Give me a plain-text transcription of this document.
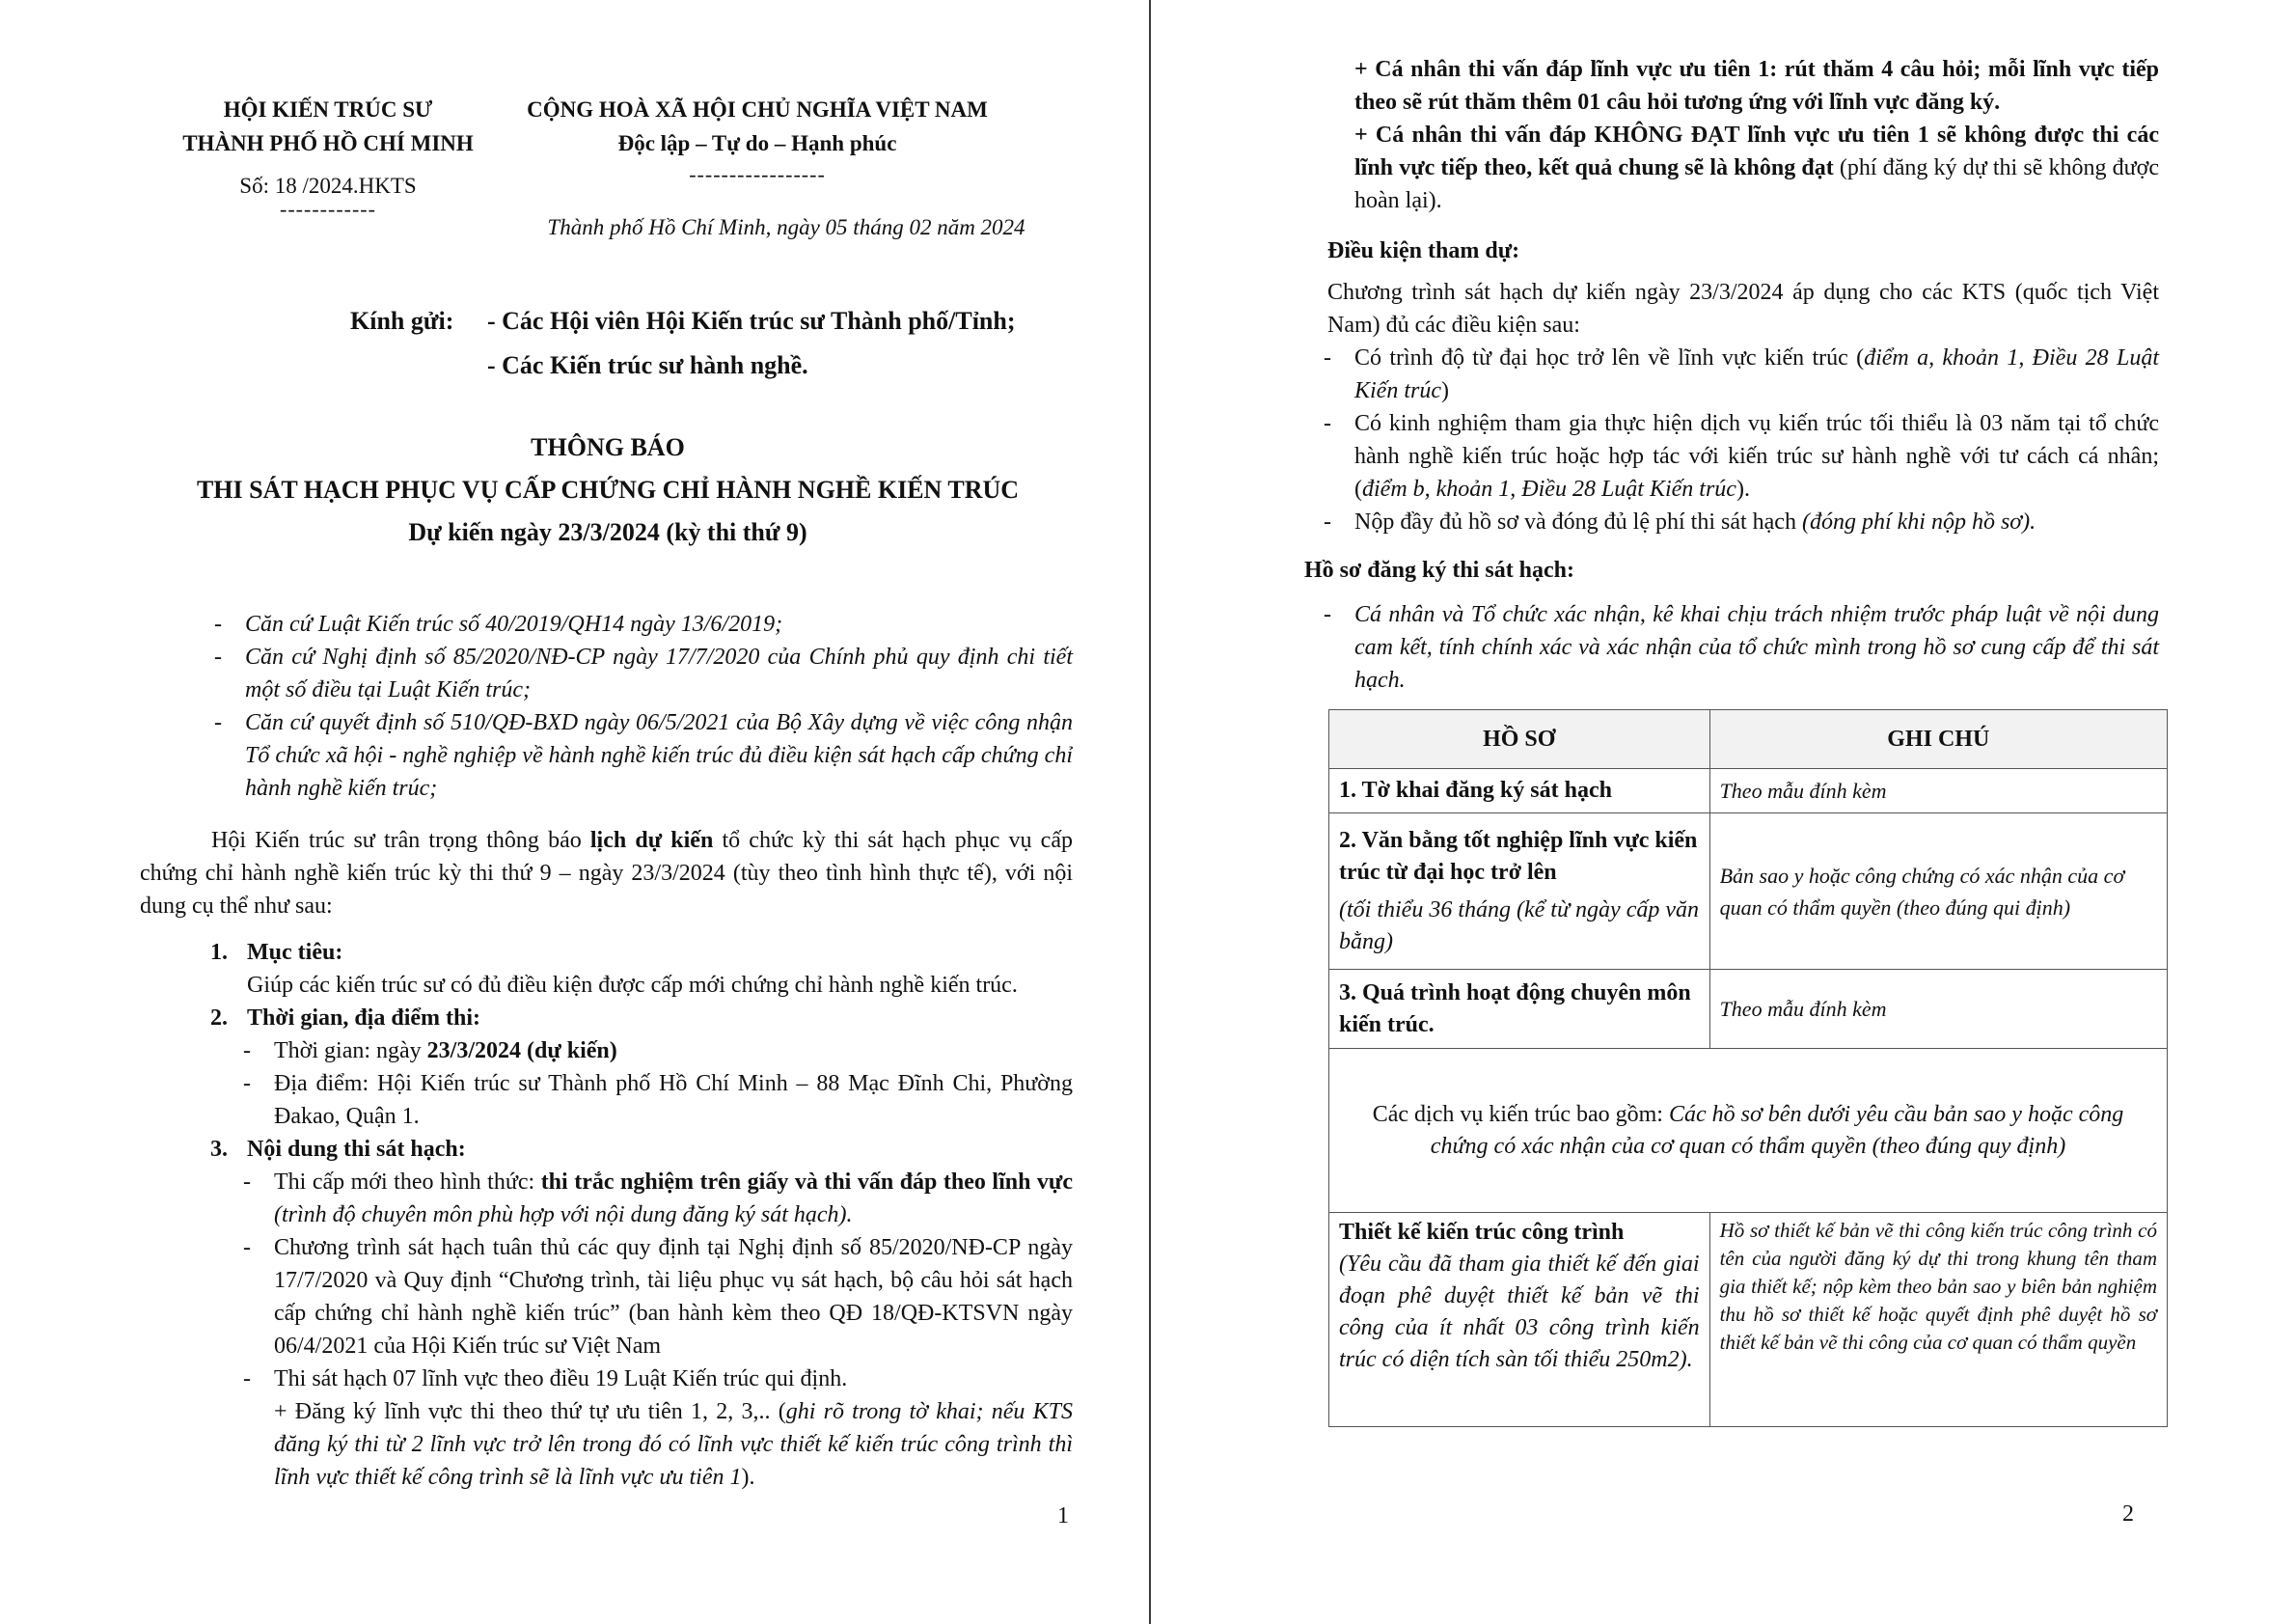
HỘI KIẾN TRÚC SƯ
THÀNH PHỐ HỒ CHÍ MINH
Số: 18 /2024.HKTS
------------
CỘNG HOÀ XÃ HỘI CHỦ NGHĨA VIỆT NAM
Độc lập – Tự do – Hạnh phúc
-----------------
Thành phố Hồ Chí Minh, ngày 05 tháng 02 năm 2024
Kính gửi: - Các Hội viên Hội Kiến trúc sư Thành phố/Tỉnh;
- Các Kiến trúc sư hành nghề.
THÔNG BÁO
THI SÁT HẠCH PHỤC VỤ CẤP CHỨNG CHỈ HÀNH NGHỀ KIẾN TRÚC
Dự kiến ngày 23/3/2024 (kỳ thi thứ 9)
-	Căn cứ Luật Kiến trúc số 40/2019/QH14 ngày 13/6/2019;
-	Căn cứ Nghị định số 85/2020/NĐ-CP ngày 17/7/2020 của Chính phủ quy định chi tiết một số điều tại Luật Kiến trúc;
-	Căn cứ quyết định số 510/QĐ-BXD ngày 06/5/2021 của Bộ Xây dựng về việc công nhận Tổ chức xã hội - nghề nghiệp về hành nghề kiến trúc đủ điều kiện sát hạch cấp chứng chỉ hành nghề kiến trúc;
Hội Kiến trúc sư trân trọng thông báo lịch dự kiến tổ chức kỳ thi sát hạch phục vụ cấp chứng chỉ hành nghề kiến trúc kỳ thi thứ 9 – ngày 23/3/2024 (tùy theo tình hình thực tế), với nội dung cụ thể như sau:
1. Mục tiêu:
Giúp các kiến trúc sư có đủ điều kiện được cấp mới chứng chỉ hành nghề kiến trúc.
2. Thời gian, địa điểm thi:
-	Thời gian: ngày 23/3/2024 (dự kiến)
-	Địa điểm: Hội Kiến trúc sư Thành phố Hồ Chí Minh – 88 Mạc Đĩnh Chi, Phường Đakao, Quận 1.
3. Nội dung thi sát hạch:
-	Thi cấp mới theo hình thức: thi trắc nghiệm trên giấy và thi vấn đáp theo lĩnh vực (trình độ chuyên môn phù hợp với nội dung đăng ký sát hạch).
-	Chương trình sát hạch tuân thủ các quy định tại Nghị định số 85/2020/NĐ-CP ngày 17/7/2020 và Quy định “Chương trình, tài liệu phục vụ sát hạch, bộ câu hỏi sát hạch cấp chứng chỉ hành nghề kiến trúc” (ban hành kèm theo QĐ 18/QĐ-KTSVN ngày 06/4/2021 của Hội Kiến trúc sư Việt Nam
-	Thi sát hạch 07 lĩnh vực theo điều 19 Luật Kiến trúc qui định.
+ Đăng ký lĩnh vực thi theo thứ tự ưu tiên 1, 2, 3,.. (ghi rõ trong tờ khai; nếu KTS đăng ký thi từ 2 lĩnh vực trở lên trong đó có lĩnh vực thiết kế kiến trúc công trình thì lĩnh vực thiết kế công trình sẽ là lĩnh vực ưu tiên 1).
1
+ Cá nhân thi vấn đáp lĩnh vực ưu tiên 1: rút thăm 4 câu hỏi; mỗi lĩnh vực tiếp theo sẽ rút thăm thêm 01 câu hỏi tương ứng với lĩnh vực đăng ký.
+ Cá nhân thi vấn đáp KHÔNG ĐẠT lĩnh vực ưu tiên 1 sẽ không được thi các lĩnh vực tiếp theo, kết quả chung sẽ là không đạt (phí đăng ký dự thi sẽ không được hoàn lại).
Điều kiện tham dự:
Chương trình sát hạch dự kiến ngày 23/3/2024 áp dụng cho các KTS (quốc tịch Việt Nam) đủ các điều kiện sau:
-	Có trình độ từ đại học trở lên về lĩnh vực kiến trúc (điểm a, khoản 1, Điều 28 Luật Kiến trúc)
-	Có kinh nghiệm tham gia thực hiện dịch vụ kiến trúc tối thiểu là 03 năm tại tổ chức hành nghề kiến trúc hoặc hợp tác với kiến trúc sư hành nghề với tư cách cá nhân; (điểm b, khoản 1, Điều 28 Luật Kiến trúc).
-	Nộp đầy đủ hồ sơ và đóng đủ lệ phí thi sát hạch (đóng phí khi nộp hồ sơ).
Hồ sơ đăng ký thi sát hạch:
-	Cá nhân và Tổ chức xác nhận, kê khai chịu trách nhiệm trước pháp luật về nội dung cam kết, tính chính xác và xác nhận của tổ chức mình trong hồ sơ cung cấp để thi sát hạch.
HỒ SƠ	GHI CHÚ
1. Tờ khai đăng ký sát hạch	Theo mẫu đính kèm

2. Văn bằng tốt nghiệp lĩnh vực kiến trúc từ đại học trở lên
(tối thiểu 36 tháng (kể từ ngày cấp văn bằng)	Bản sao y hoặc công chứng có xác nhận của cơ quan có thẩm quyền (theo đúng qui định)
3. Quá trình hoạt động chuyên môn kiến trúc.	Theo mẫu đính kèm
Các dịch vụ kiến trúc bao gồm: Các hồ sơ bên dưới yêu cầu bản sao y hoặc công chứng có xác nhận của cơ quan có thẩm quyền (theo đúng quy định)	

Thiết kế kiến trúc công trình
(Yêu cầu đã tham gia thiết kế đến giai đoạn phê duyệt thiết kế bản vẽ thi công của ít nhất 03 công trình kiến trúc có diện tích sàn tối thiểu 250m2).	Hồ sơ thiết kế bản vẽ thi công kiến trúc công trình có tên của người đăng ký dự thi trong khung tên tham gia thiết kế; nộp kèm theo bản sao y biên bản nghiệm thu hồ sơ thiết kế hoặc quyết định phê duyệt hồ sơ thiết kế bản vẽ thi công của cơ quan có thẩm quyền
2
